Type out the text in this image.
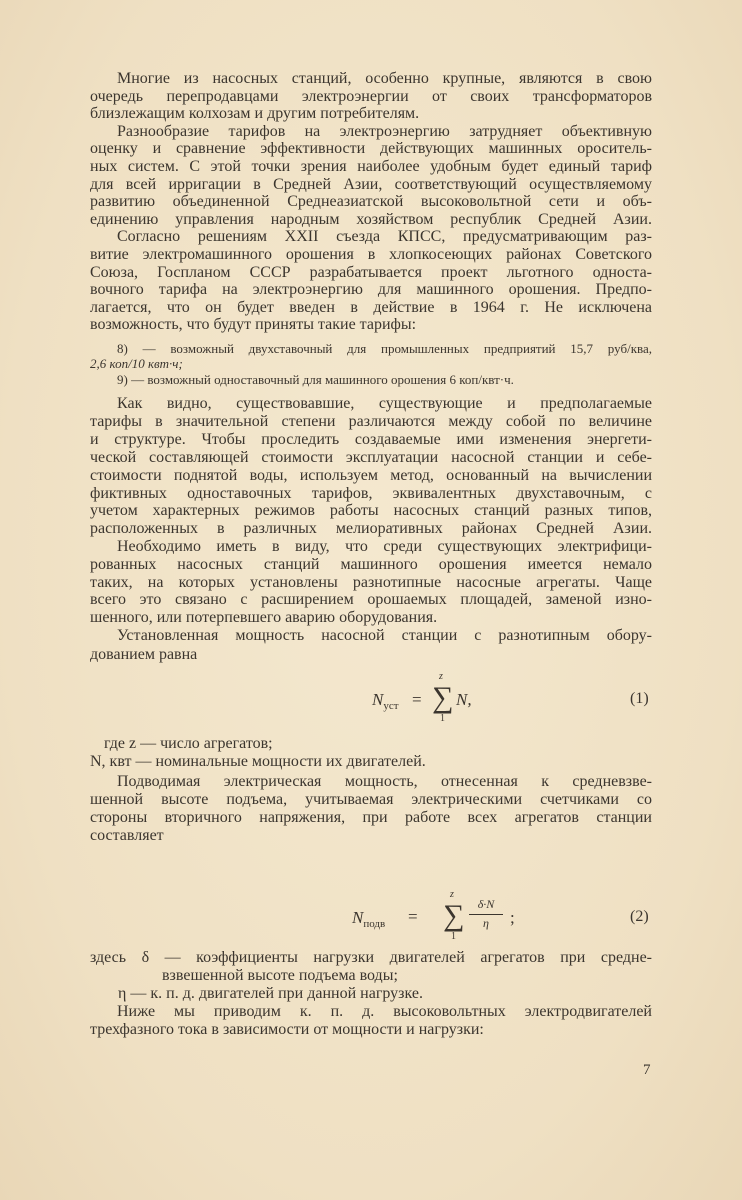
Многие из насосных станций, особенно крупные, являются в свою
очередь перепродавцами электроэнергии от своих трансформаторов
близлежащим колхозам и другим потребителям.
Разнообразие тарифов на электроэнергию затрудняет объективную
оценку и сравнение эффективности действующих машинных ороситель-
ных систем. С этой точки зрения наиболее удобным будет единый тариф
для всей ирригации в Средней Азии, соответствующий осуществляемому
развитию объединенной Среднеазиатской высоковольтной сети и объ-
единению управления народным хозяйством республик Средней Азии.
Согласно решениям XXII съезда КПСС, предусматривающим раз-
витие электромашинного орошения в хлопкосеющих районах Советского
Союза, Госпланом СССР разрабатывается проект льготного односта-
вочного тарифа на электроэнергию для машинного орошения. Предпо-
лагается, что он будет введен в действие в 1964 г. Не исключена
возможность, что будут приняты такие тарифы:
8) — возможный двухставочный для промышленных предприятий 15,7 руб/ква,
2,6 коп/10 квт·ч;
9) — возможный одноставочный для машинного орошения 6 коп/квт·ч.
Как видно, существовавшие, существующие и предполагаемые
тарифы в значительной степени различаются между собой по величине
и структуре. Чтобы проследить создаваемые ими изменения энергети-
ческой составляющей стоимости эксплуатации насосной станции и себе-
стоимости поднятой воды, используем метод, основанный на вычислении
фиктивных одноставочных тарифов, эквивалентных двухставочным, с
учетом характерных режимов работы насосных станций разных типов,
расположенных в различных мелиоративных районах Средней Азии.
Необходимо иметь в виду, что среди существующих электрифици-
рованных насосных станций машинного орошения имеется немало
таких, на которых установлены разнотипные насосные агрегаты. Чаще
всего это связано с расширением орошаемых площадей, заменой изно-
шенного, или потерпевшего аварию оборудования.
Установленная мощность насосной станции с разнотипным обору-
дованием равна
где z — число агрегатов;
N, квт — номинальные мощности их двигателей.
Подводимая электрическая мощность, отнесенная к средневзве-
шенной высоте подъема, учитываемая электрическими счетчиками со
стороны вторичного напряжения, при работе всех агрегатов станции
составляет
здесь δ — коэффициенты нагрузки двигателей агрегатов при средне-
взвешенной высоте подъема воды;
η — к. п. д. двигателей при данной нагрузке.
Ниже мы приводим к. п. д. высоковольтных электродвигателей
трехфазного тока в зависимости от мощности и нагрузки:
$N_{уст}$ =
z
∑
1
N,	(1)
$N_{подв}$ =
z
∑
1
δ·N
η	;	(2)
7
